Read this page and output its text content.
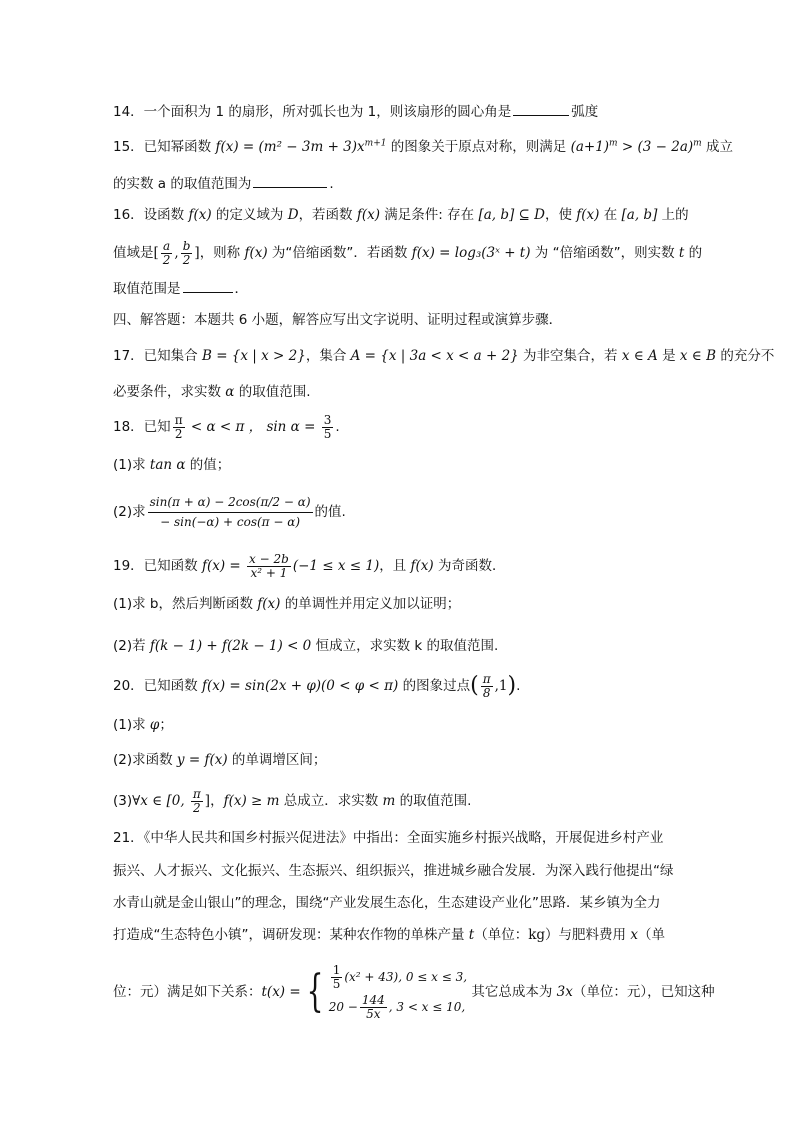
14．一个面积为 1 的扇形，所对弧长也为 1，则该扇形的圆心角是	弧度
15．已知幂函数 $f(x) = (m^2 - 3m + 3)x^{m+1}$ 的图象关于原点对称，则满足 $(a+1)^m > (3 - 2a)^m$ 成立
的实数 a 的取值范围为	.
16．设函数 f(x) 的定义域为 D，若函数 f(x) 满足条件: 存在 [a, b] ⊆ D，使 f(x) 在 [a, b] 上的
值域是[ $\frac{a}{2}$ , $\frac{b}{2}$ ]，则称 f(x) 为“倍缩函数”．若函数 f(x) = log₃(3ˣ + t) 为 “倍缩函数”，则实数 t 的
取值范围是	．
四、解答题：本题共 6 小题，解答应写出文字说明、证明过程或演算步骤．
17．已知集合 B = {x | x > 2}，集合 A = {x | 3a < x < a + 2} 为非空集合，若 x ∈ A 是 x ∈ B 的充分不
必要条件，求实数 α 的取值范围.
18．已知 $\frac{\pi}{2} < \alpha < \pi$ ， $\sin \alpha = \frac{3}{5}$ .
(1)求 tan α 的值；
(2)求 $\frac{\sin(\pi + \alpha) - 2\cos(\pi/2 - \alpha)}{- \sin(-\alpha) + \cos(\pi - \alpha)}$ 的值.
19．已知函数 $f(x) = \frac{x - 2b}{\text{x² + 1}} (-1 \le x \le 1)$，且 f(x) 为奇函数．
(1)求 b，然后判断函数 f(x) 的单调性并用定义加以证明；
(2)若 f(k − 1) + f(2k − 1) < 0 恒成立，求实数 k 的取值范围.
20．已知函数 f(x) = sin(2x + φ)(0 < φ < π) 的图象过点( $\frac{\pi}{8} ,1$).
(1)求 φ；
(2)求函数 y = f(x) 的单调增区间；
(3)∀x ∈ [0, $\frac{\pi}{2}$ ]，f(x) ≥ m 总成立．求实数 m 的取值范围.
21．《中华人民共和国乡村振兴促进法》中指出：全面实施乡村振兴战略，开展促进乡村产业
振兴、人才振兴、文化振兴、生态振兴、组织振兴，推进城乡融合发展．为深入践行他提出“绿
水青山就是金山银山”的理念，围绕“产业发展生态化，生态建设产业化”思路．某乡镇为全力
打造成“生态特色小镇”，调研发现：某种农作物的单株产量 t（单位：kg）与肥料费用 x（单
位：元）满足如下关系：t(x) = { $\frac{1}{5} (x^2 + 43)$, 0 ≤ x ≤ 3,
$20 - \frac{144}{5x}$ , 3 < x ≤ 10,
其它总成本为 3x（单位：元），已知这种
